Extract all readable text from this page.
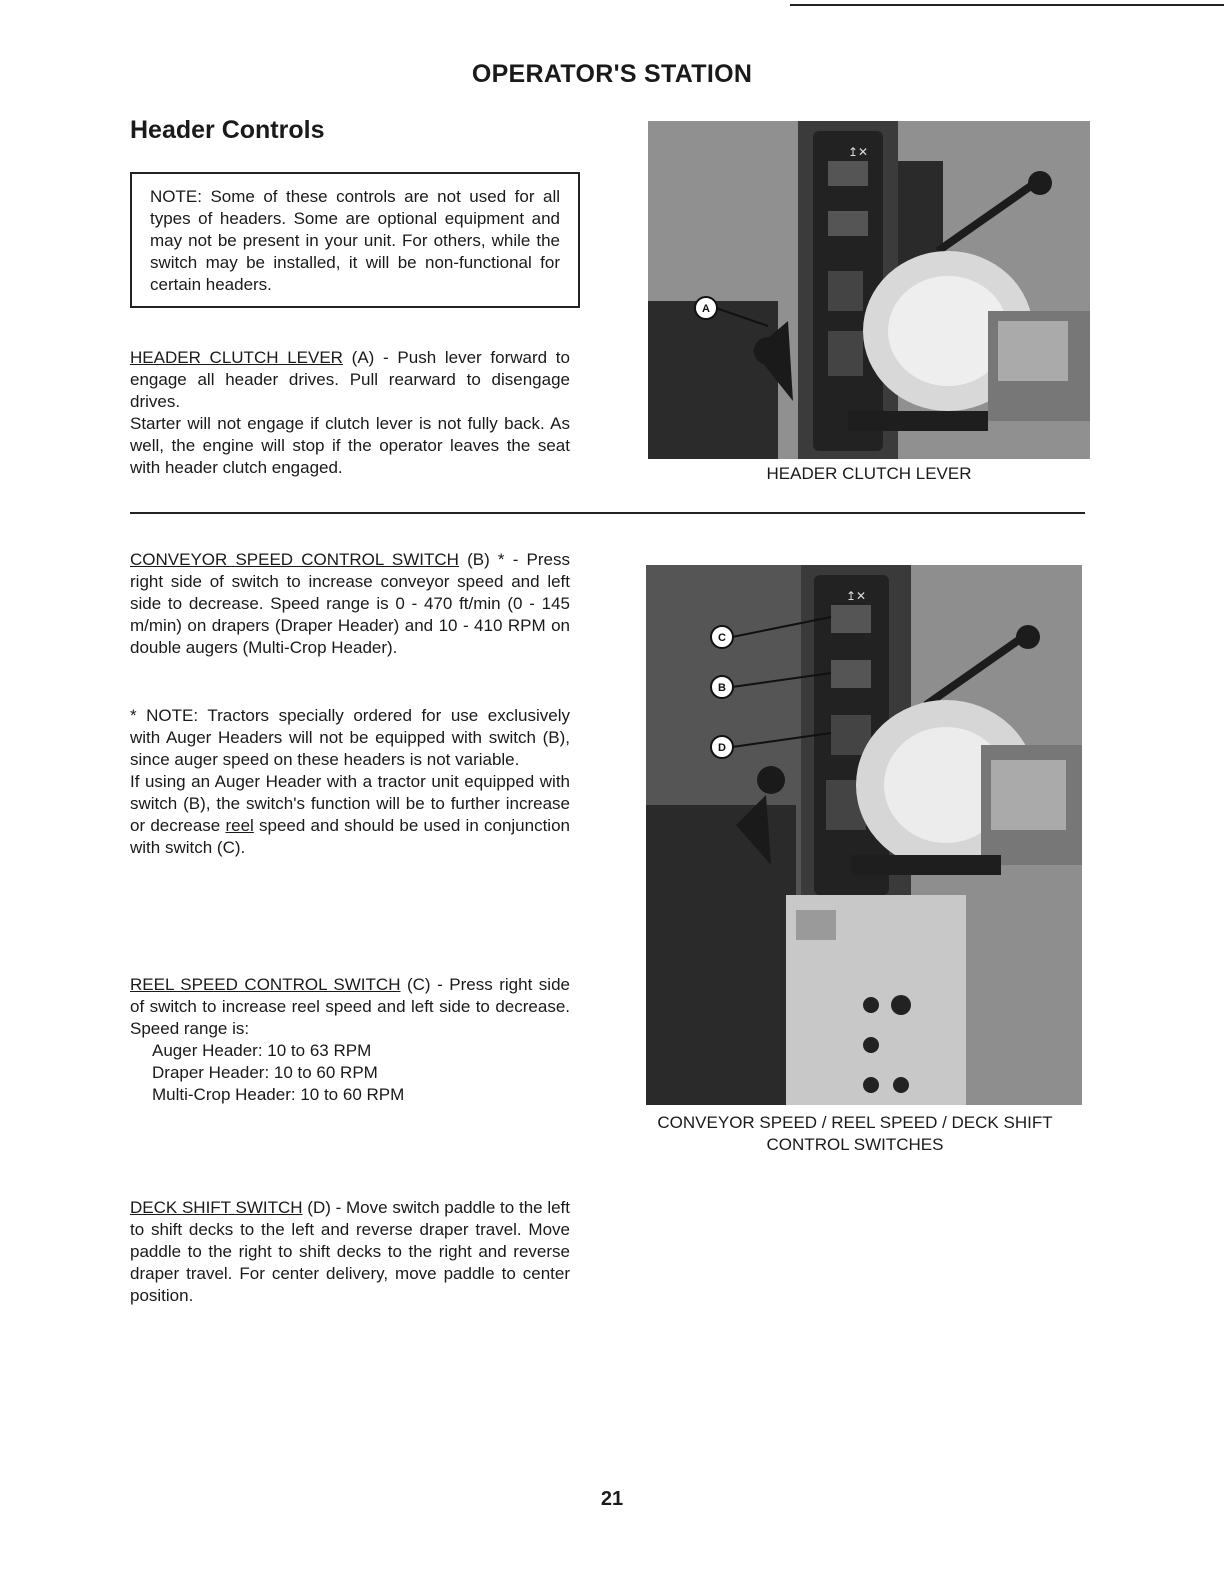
OPERATOR'S STATION
Header Controls
NOTE: Some of these controls are not used for all types of headers. Some are optional equipment and may not be present in your unit. For others, while the switch may be installed, it will be non-functional for certain headers.

HEADER CLUTCH LEVER (A) - Push lever forward to engage all header drives. Pull rearward to disengage drives.

Starter will not engage if clutch lever is not fully back. As well, the engine will stop if the operator leaves the seat with header clutch engaged.

↥✕
A
HEADER CLUTCH LEVER

CONVEYOR SPEED CONTROL SWITCH (B) * - Press right side of switch to increase conveyor speed and left side to decrease. Speed range is 0 - 470 ft/min (0 - 145 m/min) on drapers (Draper Header) and 10 - 410 RPM on double augers (Multi-Crop Header).

* NOTE: Tractors specially ordered for use exclusively with Auger Headers will not be equipped with switch (B), since auger speed on these headers is not variable.

If using an Auger Header with a tractor unit equipped with switch (B), the switch's function will be to further increase or decrease reel speed and should be used in conjunction with switch (C).

REEL SPEED CONTROL SWITCH (C) - Press right side of switch to increase reel speed and left side to decrease. Speed range is:

Auger Header: 10 to 63 RPM
Draper Header: 10 to 60 RPM
Multi-Crop Header: 10 to 60 RPM
↥✕
C
B
D
CONVEYOR SPEED / REEL SPEED / DECK SHIFT
CONTROL SWITCHES

DECK SHIFT SWITCH (D) - Move switch paddle to the left to shift decks to the left and reverse draper travel. Move paddle to the right to shift decks to the right and reverse draper travel. For center delivery, move paddle to center position.

21
